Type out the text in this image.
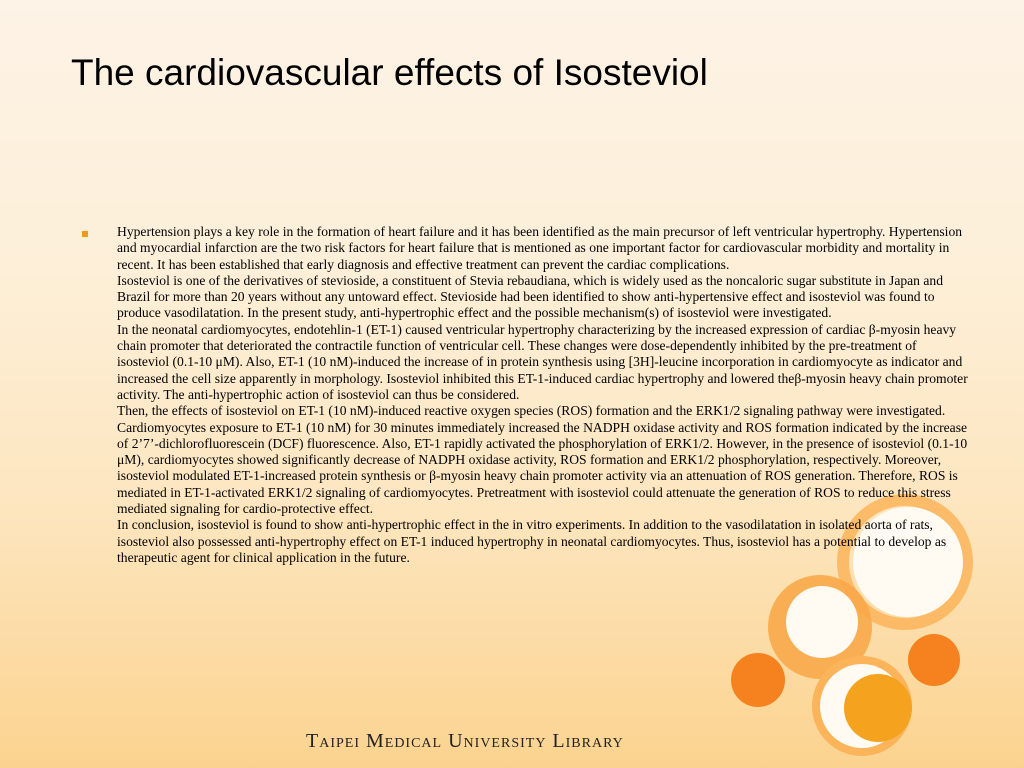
The cardiovascular effects of Isosteviol

Hypertension plays a key role in the formation of heart failure and it has been identified as the main precursor of left ventricular hypertrophy. Hypertension and myocardial infarction are the two risk factors for heart failure that is mentioned as one important factor for cardiovascular morbidity and mortality in recent. It has been established that early diagnosis and effective treatment can prevent the cardiac complications.

Isosteviol is one of the derivatives of stevioside, a constituent of Stevia rebaudiana, which is widely used as the noncaloric sugar substitute in Japan and Brazil for more than 20 years without any untoward effect. Stevioside had been identified to show anti-hypertensive effect and isosteviol was found to produce vasodilatation. In the present study, anti-hypertrophic effect and the possible mechanism(s) of isosteviol were investigated.

In the neonatal cardiomyocytes, endotehlin-1 (ET-1) caused ventricular hypertrophy characterizing by the increased expression of cardiac β-myosin heavy chain promoter that deteriorated the contractile function of ventricular cell. These changes were dose-dependently inhibited by the pre-treatment of isosteviol (0.1-10 μM). Also, ET-1 (10 nM)-induced the increase of in protein synthesis using [3H]-leucine incorporation in cardiomyocyte as indicator and increased the cell size apparently in morphology. Isosteviol inhibited this ET-1-induced cardiac hypertrophy and lowered theβ-myosin heavy chain promoter activity. The anti-hypertrophic action of isosteviol can thus be considered.

Then, the effects of isosteviol on ET-1 (10 nM)-induced reactive oxygen species (ROS) formation and the ERK1/2 signaling pathway were investigated. Cardiomyocytes exposure to ET-1 (10 nM) for 30 minutes immediately increased the NADPH oxidase activity and ROS formation indicated by the increase of 2’7’-dichlorofluorescein (DCF) fluorescence. Also, ET-1 rapidly activated the phosphorylation of ERK1/2. However, in the presence of isosteviol (0.1-10 μM), cardiomyocytes showed significantly decrease of NADPH oxidase activity, ROS formation and ERK1/2 phosphorylation, respectively. Moreover, isosteviol modulated ET-1-increased protein synthesis or β-myosin heavy chain promoter activity via an attenuation of ROS generation. Therefore, ROS is mediated in ET-1-activated ERK1/2 signaling of cardiomyocytes. Pretreatment with isosteviol could attenuate the generation of ROS to reduce this stress mediated signaling for cardio-protective effect.

In conclusion, isosteviol is found to show anti-hypertrophic effect in the in vitro experiments. In addition to the vasodilatation in isolated aorta of rats, isosteviol also possessed anti-hypertrophy effect on ET-1 induced hypertrophy in neonatal cardiomyocytes. Thus, isosteviol has a potential to develop as therapeutic agent for clinical application in the future.

Taipei Medical University Library
